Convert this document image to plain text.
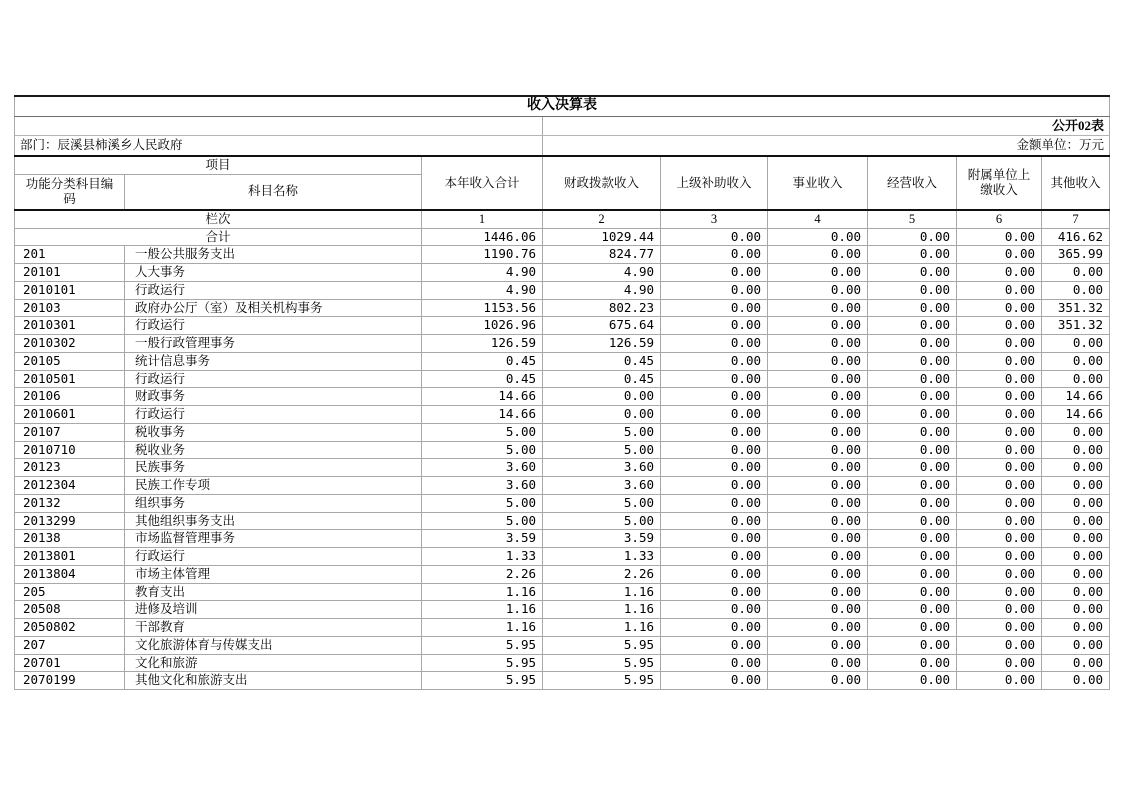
收入决算表								
			公开02表					
部门：辰溪县柿溪乡人民政府			金额单位：万元					
项目		本年收入合计	财政拨款收入	上级补助收入	事业收入	经营收入	附属单位上缴收入	其他收入
功能分类科目编码	科目名称							
栏次		1	2	3	4	5	6	7
合计		1446.06	1029.44	0.00	0.00	0.00	0.00	416.62
201	一般公共服务支出	1190.76	824.77	0.00	0.00	0.00	0.00	365.99
20101	人大事务	4.90	4.90	0.00	0.00	0.00	0.00	0.00
2010101	行政运行	4.90	4.90	0.00	0.00	0.00	0.00	0.00
20103	政府办公厅（室）及相关机构事务	1153.56	802.23	0.00	0.00	0.00	0.00	351.32
2010301	行政运行	1026.96	675.64	0.00	0.00	0.00	0.00	351.32
2010302	一般行政管理事务	126.59	126.59	0.00	0.00	0.00	0.00	0.00
20105	统计信息事务	0.45	0.45	0.00	0.00	0.00	0.00	0.00
2010501	行政运行	0.45	0.45	0.00	0.00	0.00	0.00	0.00
20106	财政事务	14.66	0.00	0.00	0.00	0.00	0.00	14.66
2010601	行政运行	14.66	0.00	0.00	0.00	0.00	0.00	14.66
20107	税收事务	5.00	5.00	0.00	0.00	0.00	0.00	0.00
2010710	税收业务	5.00	5.00	0.00	0.00	0.00	0.00	0.00
20123	民族事务	3.60	3.60	0.00	0.00	0.00	0.00	0.00
2012304	民族工作专项	3.60	3.60	0.00	0.00	0.00	0.00	0.00
20132	组织事务	5.00	5.00	0.00	0.00	0.00	0.00	0.00
2013299	其他组织事务支出	5.00	5.00	0.00	0.00	0.00	0.00	0.00
20138	市场监督管理事务	3.59	3.59	0.00	0.00	0.00	0.00	0.00
2013801	行政运行	1.33	1.33	0.00	0.00	0.00	0.00	0.00
2013804	市场主体管理	2.26	2.26	0.00	0.00	0.00	0.00	0.00
205	教育支出	1.16	1.16	0.00	0.00	0.00	0.00	0.00
20508	进修及培训	1.16	1.16	0.00	0.00	0.00	0.00	0.00
2050802	干部教育	1.16	1.16	0.00	0.00	0.00	0.00	0.00
207	文化旅游体育与传媒支出	5.95	5.95	0.00	0.00	0.00	0.00	0.00
20701	文化和旅游	5.95	5.95	0.00	0.00	0.00	0.00	0.00
2070199	其他文化和旅游支出	5.95	5.95	0.00	0.00	0.00	0.00	0.00
